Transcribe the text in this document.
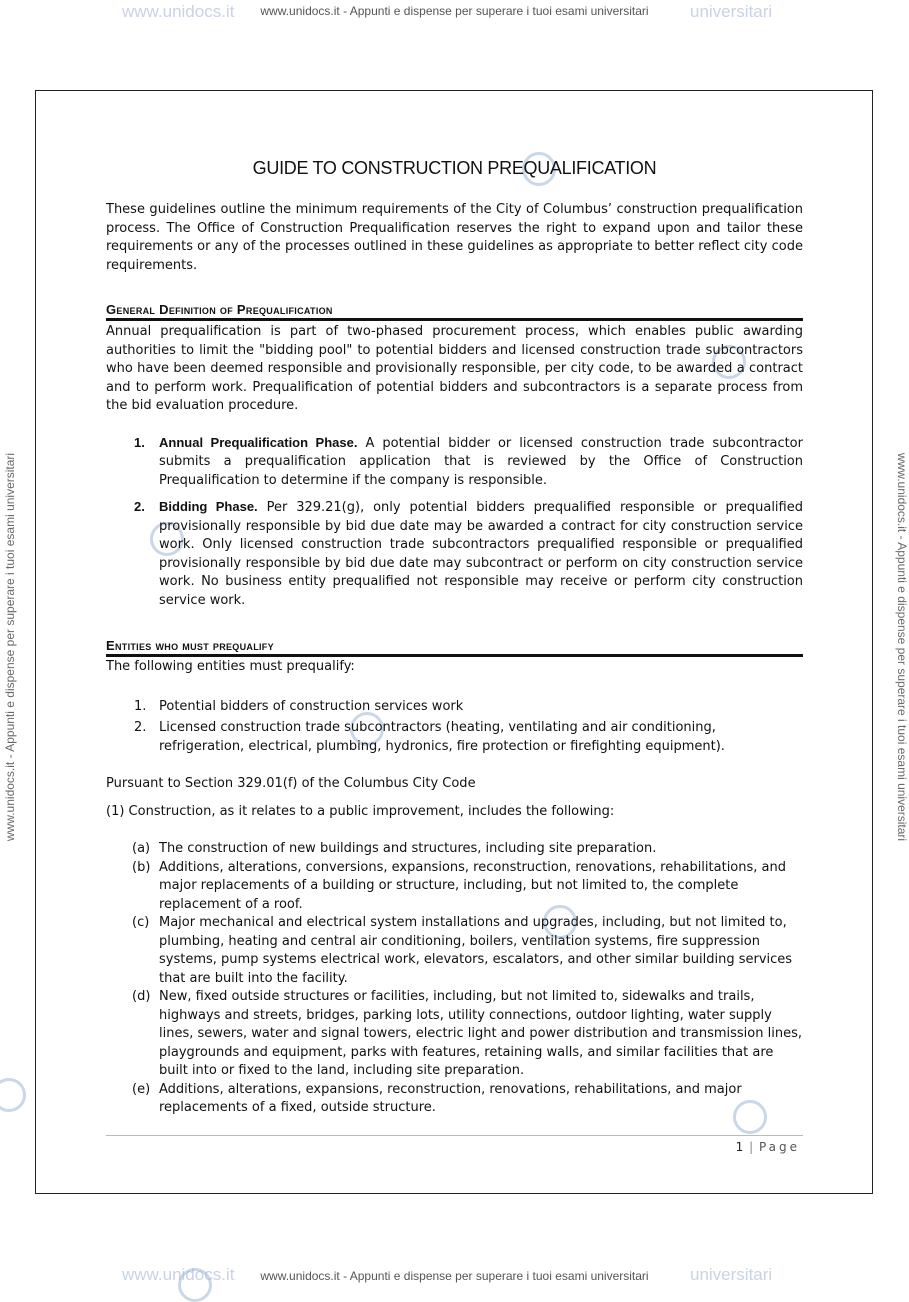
www.unidocs.it	universitari
www.unidocs.it - Appunti e dispense per superare i tuoi esami universitari
www.unidocs.it	universitari
www.unidocs.it - Appunti e dispense per superare i tuoi esami universitari
www.unidocs.it - Appunti e dispense per superare i tuoi esami universitari	www.unidocs.it - Appunti e dispense per superare i tuoi esami universitari
GUIDE TO CONSTRUCTION PREQUALIFICATION

These guidelines outline the minimum requirements of the City of Columbus’ construction prequalification process. The Office of Construction Prequalification reserves the right to expand upon and tailor these requirements or any of the processes outlined in these guidelines as appropriate to better reflect city code requirements.

General Definition of Prequalification

Annual prequalification is part of two-phased procurement process, which enables public awarding authorities to limit the "bidding pool" to potential bidders and licensed construction trade subcontractors who have been deemed responsible and provisionally responsible, per city code, to be awarded a contract and to perform work. Prequalification of potential bidders and subcontractors is a separate process from the bid evaluation procedure.

1. Annual Prequalification Phase. A potential bidder or licensed construction trade subcontractor submits a prequalification application that is reviewed by the Office of Construction Prequalification to determine if the company is responsible.
2. Bidding Phase. Per 329.21(g), only potential bidders prequalified responsible or prequalified provisionally responsible by bid due date may be awarded a contract for city construction service work. Only licensed construction trade subcontractors prequalified responsible or prequalified provisionally responsible by bid due date may subcontract or perform on city construction service work. No business entity prequalified not responsible may receive or perform city construction service work.
Entities who must prequalify

The following entities must prequalify:

1. Potential bidders of construction services work
2. Licensed construction trade subcontractors (heating, ventilating and air conditioning, refrigeration, electrical, plumbing, hydronics, fire protection or firefighting equipment).

Pursuant to Section 329.01(f) of the Columbus City Code

(1) Construction, as it relates to a public improvement, includes the following:

(a) The construction of new buildings and structures, including site preparation.
(b) Additions, alterations, conversions, expansions, reconstruction, renovations, rehabilitations, and major replacements of a building or structure, including, but not limited to, the complete replacement of a roof.
(c) Major mechanical and electrical system installations and upgrades, including, but not limited to, plumbing, heating and central air conditioning, boilers, ventilation systems, fire suppression systems, pump systems electrical work, elevators, escalators, and other similar building services that are built into the facility.
(d) New, fixed outside structures or facilities, including, but not limited to, sidewalks and trails, highways and streets, bridges, parking lots, utility connections, outdoor lighting, water supply lines, sewers, water and signal towers, electric light and power distribution and transmission lines, playgrounds and equipment, parks with features, retaining walls, and similar facilities that are built into or fixed to the land, including site preparation.
(e) Additions, alterations, expansions, reconstruction, renovations, rehabilitations, and major replacements of a fixed, outside structure.
1 | Page
